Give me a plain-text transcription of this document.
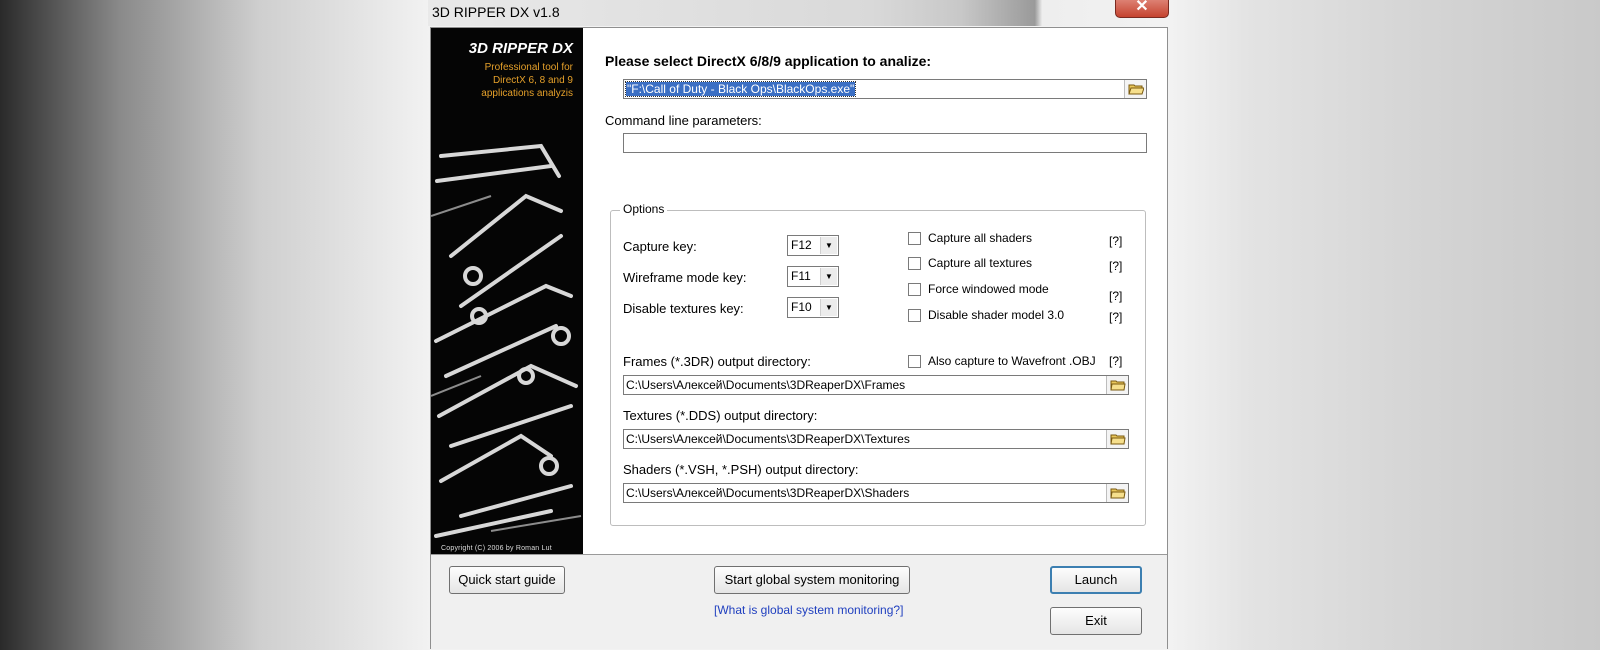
3D RIPPER DX v1.8	✕
3D RIPPER DX
Professional tool for
DirectX 6, 8 and 9
applications analyzis
Copyright (C) 2006 by Roman Lut
Please select DirectX 6/8/9 application to analize:
"F:\Call of Duty - Black Ops\BlackOps.exe"
Command line parameters:
Options
Capture key:	F12	▼
Wireframe mode key:	F11	▼
Disable textures key:	F10	▼
Capture all shaders	[?]
Capture all textures	[?]
Force windowed mode	[?]
Disable shader model 3.0	[?]
Also capture to Wavefront .OBJ [?]
Frames (*.3DR) output directory:
C:\Users\Алексей\Documents\3DReaperDX\Frames
Textures (*.DDS) output directory:
C:\Users\Алексей\Documents\3DReaperDX\Textures
Shaders (*.VSH, *.PSH) output directory:
C:\Users\Алексей\Documents\3DReaperDX\Shaders
Quick start guide	Start global system monitoring
[What is global system monitoring?]
Launch
Exit
